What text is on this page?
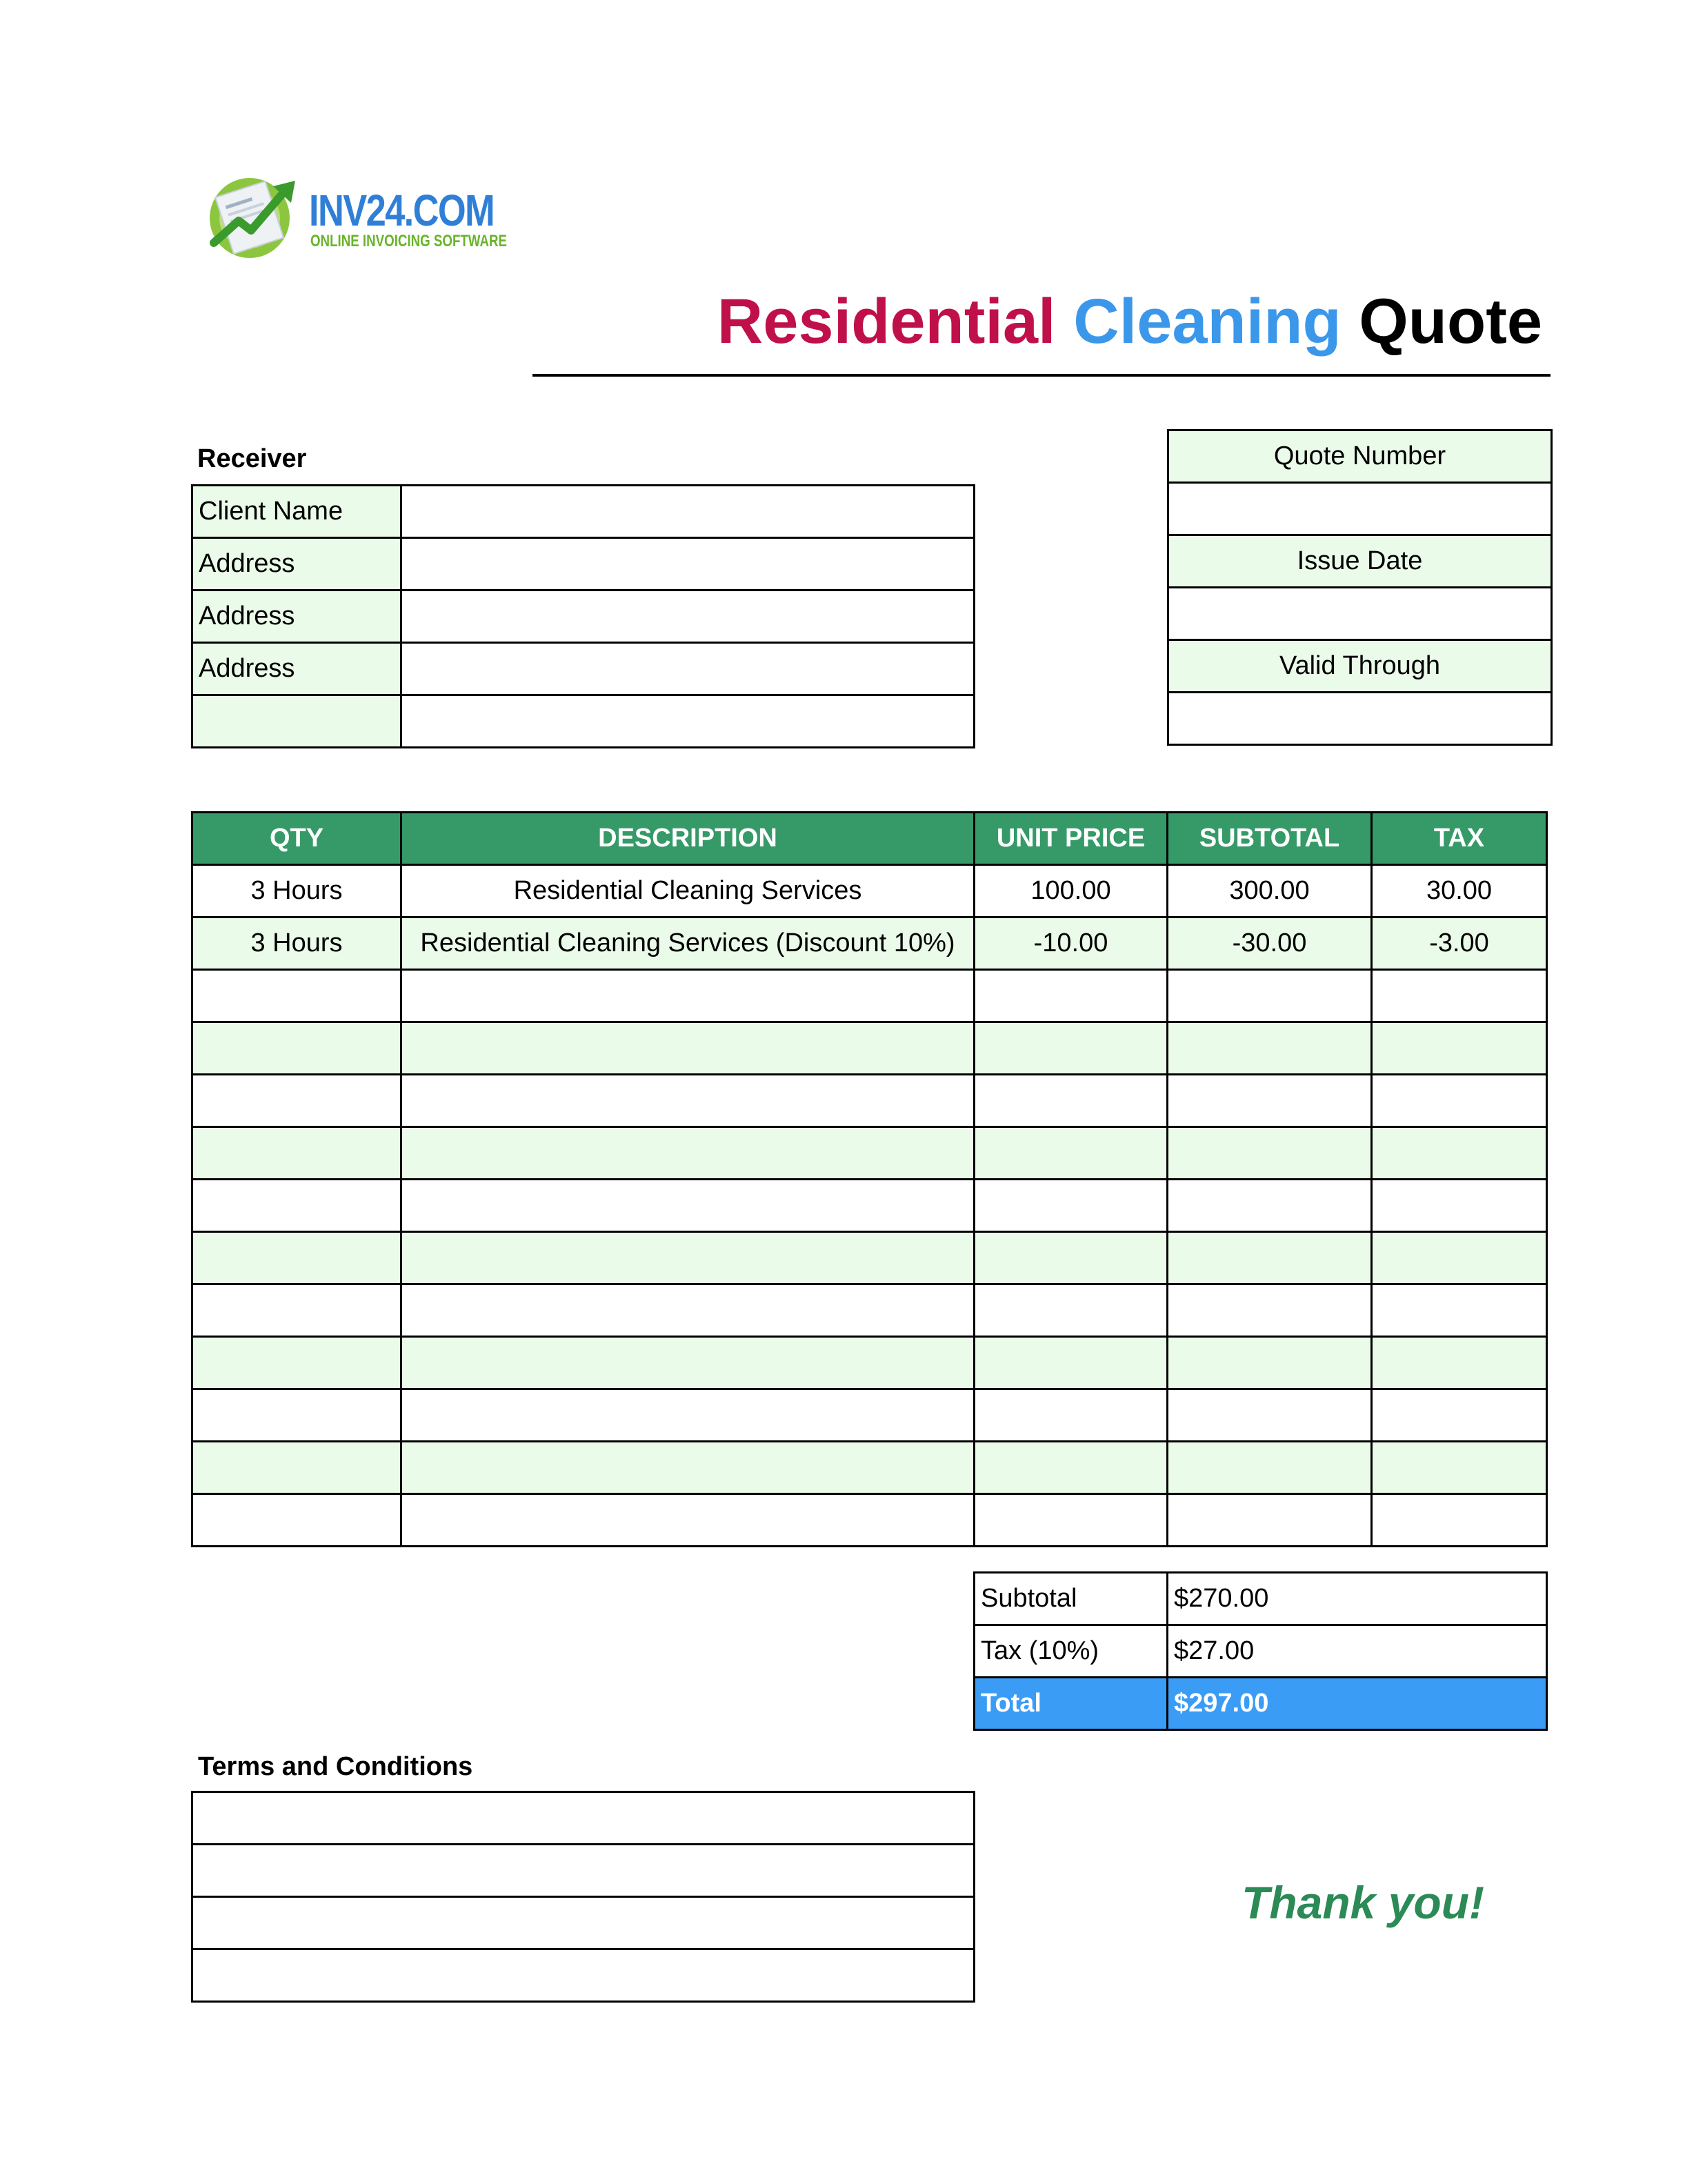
INV24.COM
ONLINE INVOICING SOFTWARE
Residential Cleaning Quote
Receiver
Client Name	
Address	
Address	
Address	

Quote Number

Issue Date

Valid Through

QTY	DESCRIPTION	UNIT PRICE	SUBTOTAL	TAX
3 Hours	Residential Cleaning Services	100.00	300.00	30.00
3 Hours	Residential Cleaning Services (Discount 10%)	-10.00	-30.00	-3.00

Subtotal	$270.00
Tax (10%)	$27.00
Total	$297.00
Terms and Conditions

Thank you!
